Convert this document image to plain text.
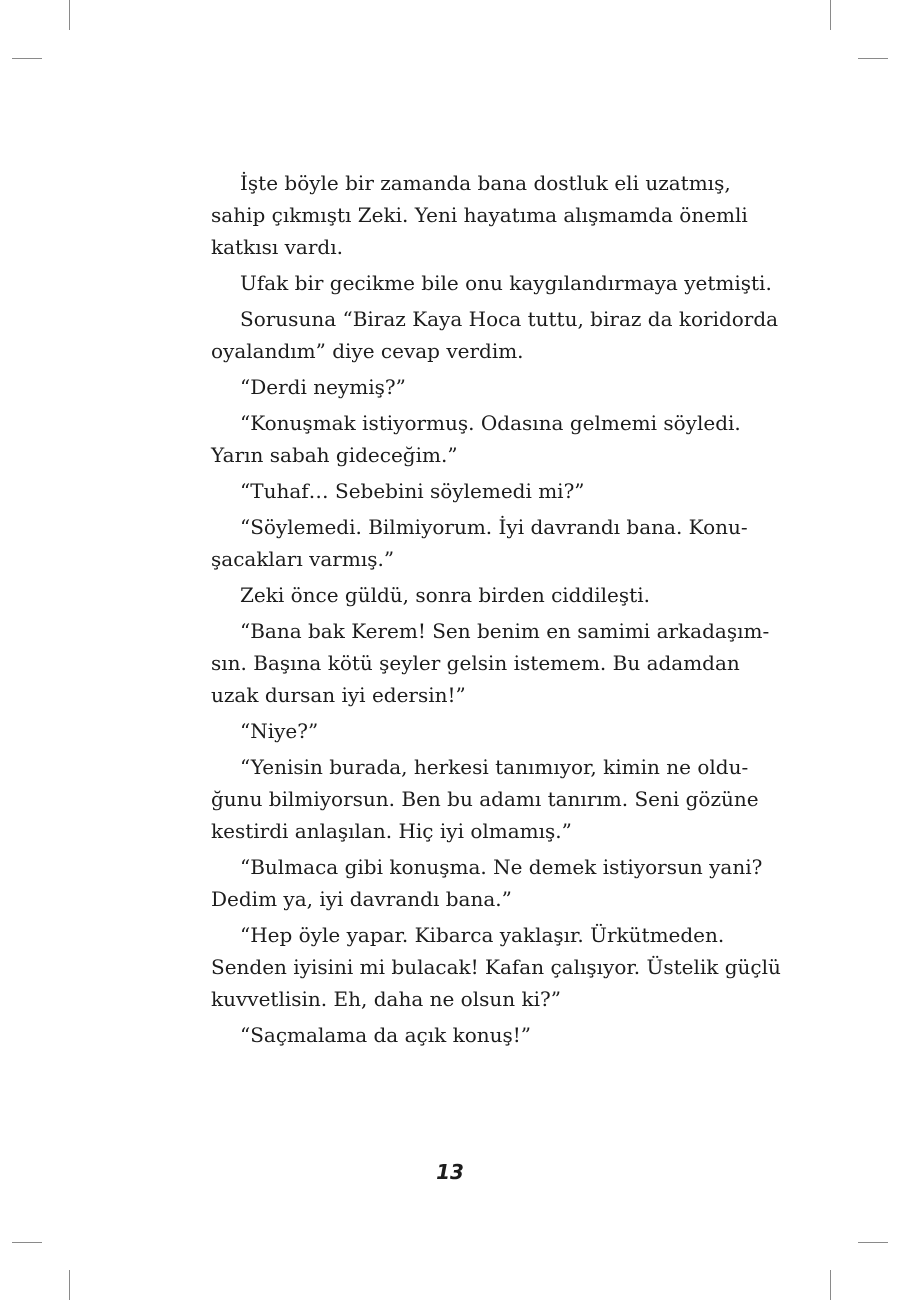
İşte böyle bir zamanda bana dostluk eli uzatmış,
sahip çıkmıştı Zeki. Yeni hayatıma alışmamda önemli
katkısı vardı.

Ufak bir gecikme bile onu kaygılandırmaya yetmişti.

Sorusuna “Biraz Kaya Hoca tuttu, biraz da koridorda
oyalandım” diye cevap verdim.

“Derdi neymiş?”

“Konuşmak istiyormuş. Odasına gelmemi söyledi.
Yarın sabah gideceğim.”

“Tuhaf… Sebebini söylemedi mi?”

“Söylemedi. Bilmiyorum. İyi davrandı bana. Konu-
şacakları varmış.”

Zeki önce güldü, sonra birden ciddileşti.

“Bana bak Kerem! Sen benim en samimi arkadaşım-
sın. Başına kötü şeyler gelsin istemem. Bu adamdan
uzak dursan iyi edersin!”

“Niye?”

“Yenisin burada, herkesi tanımıyor, kimin ne oldu-
ğunu bilmiyorsun. Ben bu adamı tanırım. Seni gözüne
kestirdi anlaşılan. Hiç iyi olmamış.”

“Bulmaca gibi konuşma. Ne demek istiyorsun yani?
Dedim ya, iyi davrandı bana.”

“Hep öyle yapar. Kibarca yaklaşır. Ürkütmeden.
Senden iyisini mi bulacak! Kafan çalışıyor. Üstelik güçlü
kuvvetlisin. Eh, daha ne olsun ki?”

“Saçmalama da açık konuş!”

13
